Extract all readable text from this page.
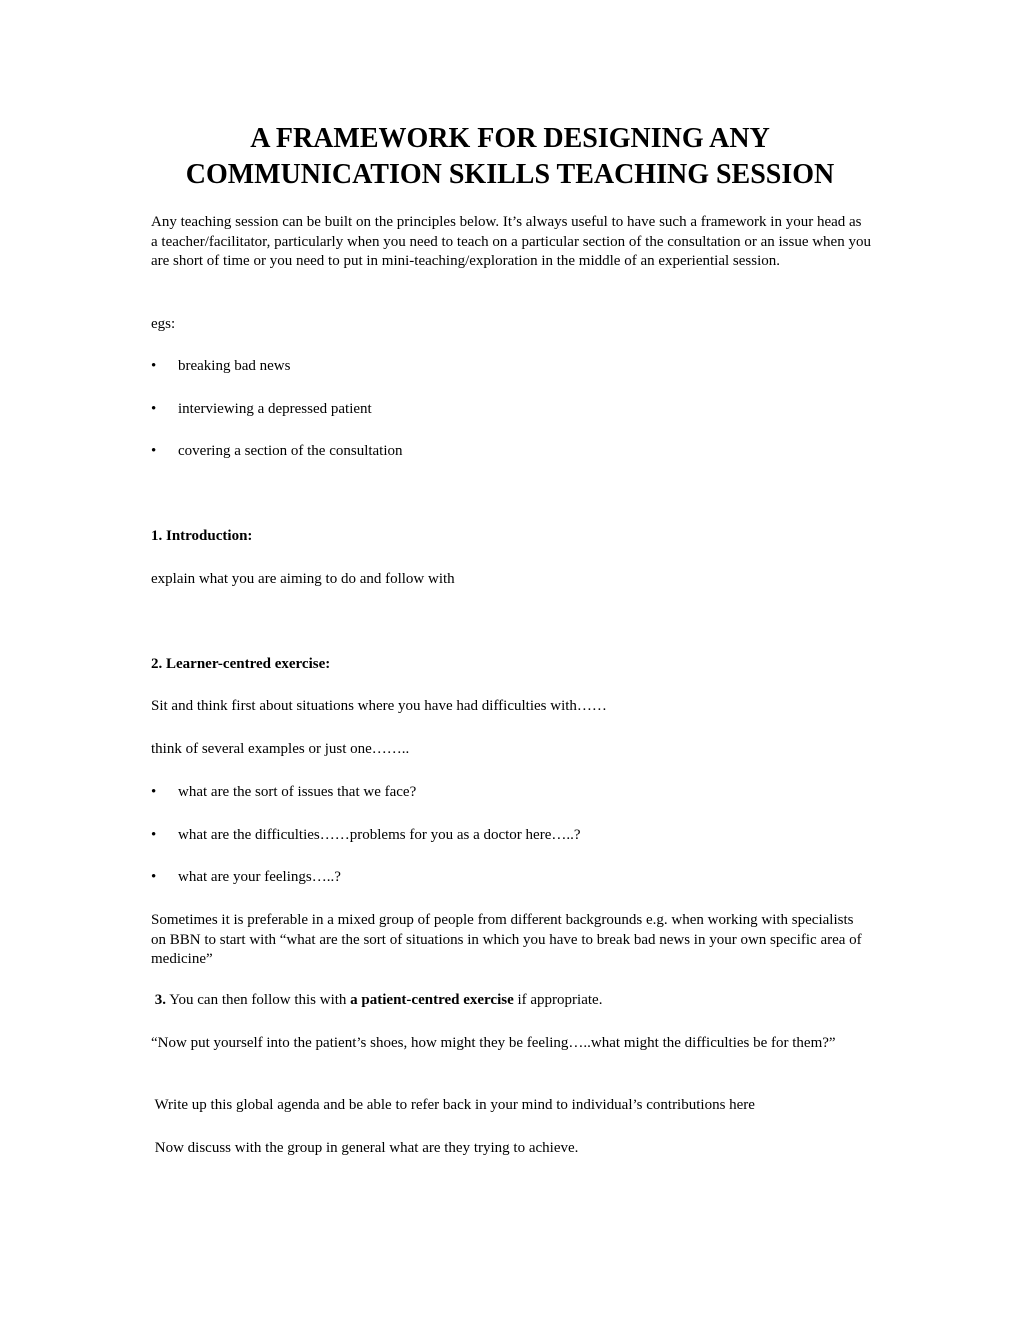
A FRAMEWORK FOR DESIGNING ANY
COMMUNICATION SKILLS TEACHING SESSION

Any teaching session can be built on the principles below. It’s always useful to have such a framework in your head as a teacher/facilitator, particularly when you need to teach on a particular section of the consultation or an issue when you are short of time or you need to put in mini-teaching/exploration in the middle of an experiential session.

egs:

•	breaking bad news
•	interviewing a depressed patient
•	covering a section of the consultation

1. Introduction:

explain what you are aiming to do and follow with

2. Learner-centred exercise:

Sit and think first about situations where you have had difficulties with……

think of several examples or just one……..

•	what are the sort of issues that we face?
•	what are the difficulties……problems for you as a doctor here…..?
•	what are your feelings…..?

Sometimes it is preferable in a mixed group of people from different backgrounds e.g. when working with specialists on BBN to start with “what are the sort of situations in which you have to break bad news in your own specific area of medicine”

3. You can then follow this with a patient-centred exercise if appropriate.

“Now put yourself into the patient’s shoes, how might they be feeling…..what might the difficulties be for them?”

Write up this global agenda and be able to refer back in your mind to individual’s contributions here

Now discuss with the group in general what are they trying to achieve.
